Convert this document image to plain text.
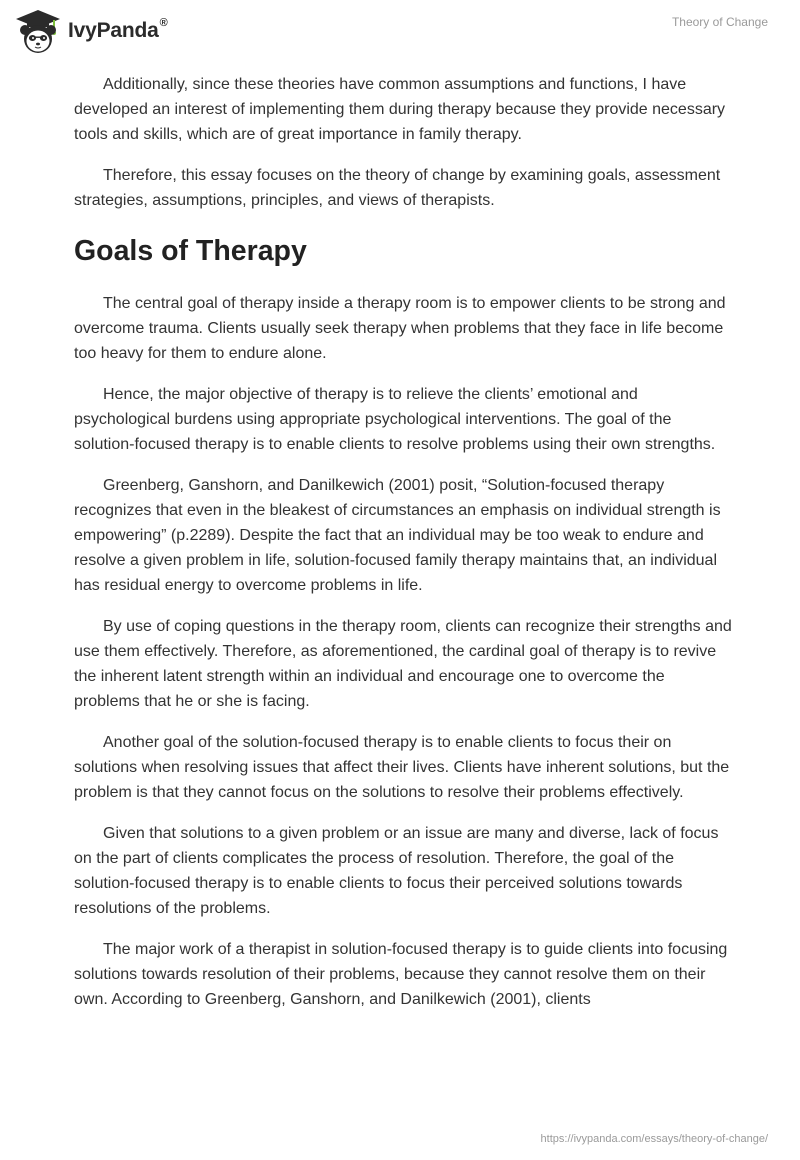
IvyPanda ®	Theory of Change

Additionally, since these theories have common assumptions and functions, I have developed an interest of implementing them during therapy because they provide necessary tools and skills, which are of great importance in family therapy.

Therefore, this essay focuses on the theory of change by examining goals, assessment strategies, assumptions, principles, and views of therapists.

Goals of Therapy

The central goal of therapy inside a therapy room is to empower clients to be strong and overcome trauma. Clients usually seek therapy when problems that they face in life become too heavy for them to endure alone.

Hence, the major objective of therapy is to relieve the clients’ emotional and psychological burdens using appropriate psychological interventions. The goal of the solution-focused therapy is to enable clients to resolve problems using their own strengths.

Greenberg, Ganshorn, and Danilkewich (2001) posit, “Solution-focused therapy recognizes that even in the bleakest of circumstances an emphasis on individual strength is empowering” (p.2289). Despite the fact that an individual may be too weak to endure and resolve a given problem in life, solution-focused family therapy maintains that, an individual has residual energy to overcome problems in life.

By use of coping questions in the therapy room, clients can recognize their strengths and use them effectively. Therefore, as aforementioned, the cardinal goal of therapy is to revive the inherent latent strength within an individual and encourage one to overcome the problems that he or she is facing.

Another goal of the solution-focused therapy is to enable clients to focus their on solutions when resolving issues that affect their lives. Clients have inherent solutions, but the problem is that they cannot focus on the solutions to resolve their problems effectively.

Given that solutions to a given problem or an issue are many and diverse, lack of focus on the part of clients complicates the process of resolution. Therefore, the goal of the solution-focused therapy is to enable clients to focus their perceived solutions towards resolutions of the problems.

The major work of a therapist in solution-focused therapy is to guide clients into focusing solutions towards resolution of their problems, because they cannot resolve them on their own. According to Greenberg, Ganshorn, and Danilkewich (2001), clients

https://ivypanda.com/essays/theory-of-change/
